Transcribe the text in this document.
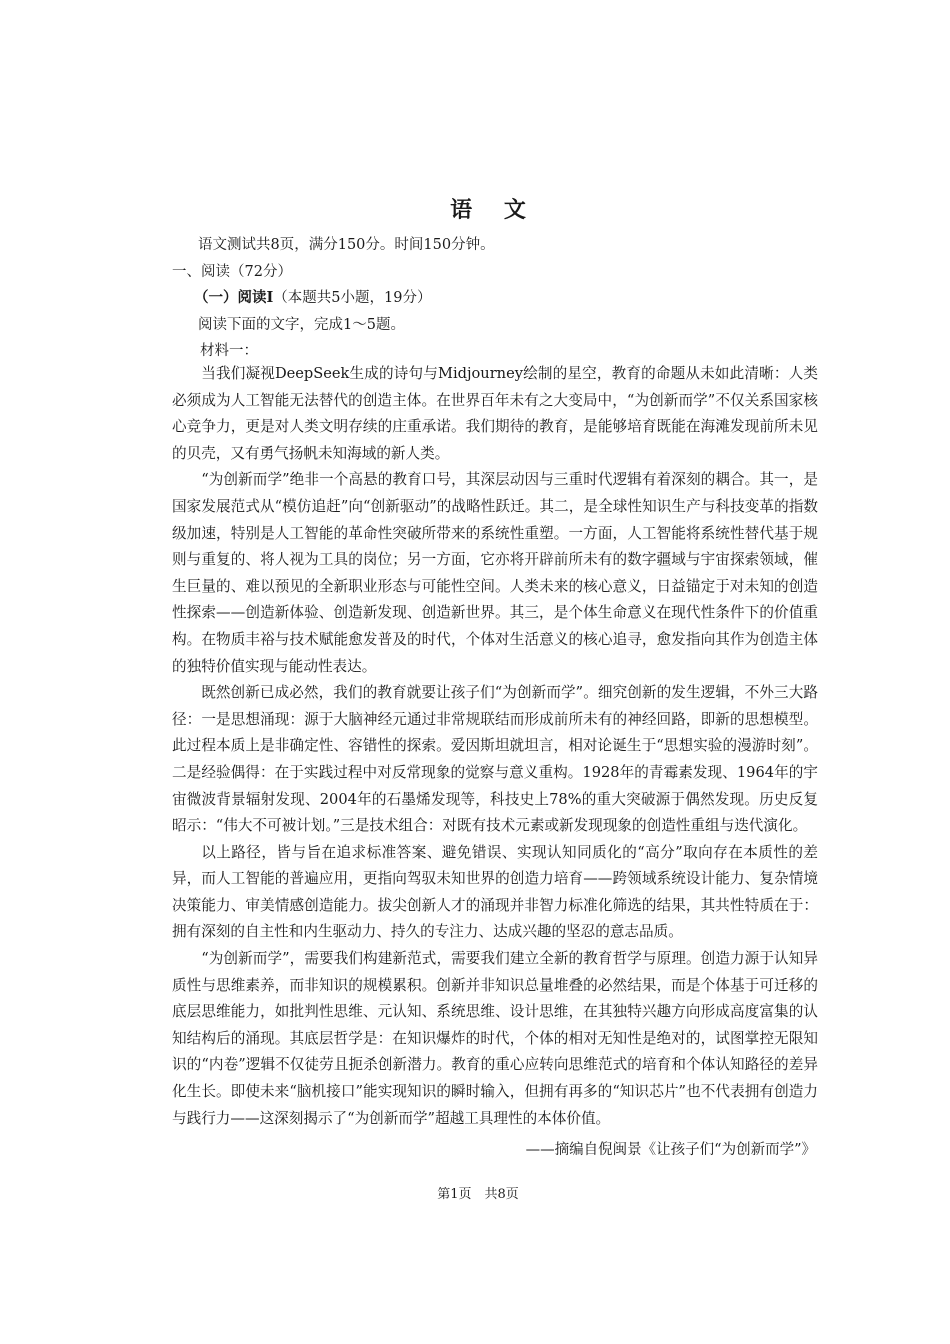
语 文
语文测试共8页，满分150分。时间150分钟。
一、阅读（72分）
（一）阅读Ⅰ（本题共5小题，19分）
阅读下面的文字，完成1～5题。
材料一：
当我们凝视DeepSeek生成的诗句与Midjourney绘制的星空，教育的命题从未如此清晰：人类必须成为人工智能无法替代的创造主体。在世界百年未有之大变局中，“为创新而学”不仅关系国家核心竞争力，更是对人类文明存续的庄重承诺。我们期待的教育，是能够培育既能在海滩发现前所未见的贝壳，又有勇气扬帆未知海域的新人类。
“为创新而学”绝非一个高悬的教育口号，其深层动因与三重时代逻辑有着深刻的耦合。其一，是国家发展范式从“模仿追赶”向“创新驱动”的战略性跃迁。其二，是全球性知识生产与科技变革的指数级加速，特别是人工智能的革命性突破所带来的系统性重塑。一方面，人工智能将系统性替代基于规则与重复的、将人视为工具的岗位；另一方面，它亦将开辟前所未有的数字疆域与宇宙探索领域，催生巨量的、难以预见的全新职业形态与可能性空间。人类未来的核心意义，日益锚定于对未知的创造性探索——创造新体验、创造新发现、创造新世界。其三，是个体生命意义在现代性条件下的价值重构。在物质丰裕与技术赋能愈发普及的时代，个体对生活意义的核心追寻，愈发指向其作为创造主体的独特价值实现与能动性表达。
既然创新已成必然，我们的教育就要让孩子们“为创新而学”。细究创新的发生逻辑，不外三大路径：一是思想涌现：源于大脑神经元通过非常规联结而形成前所未有的神经回路，即新的思想模型。此过程本质上是非确定性、容错性的探索。爱因斯坦就坦言，相对论诞生于“思想实验的漫游时刻”。二是经验偶得：在于实践过程中对反常现象的觉察与意义重构。1928年的青霉素发现、1964年的宇宙微波背景辐射发现、2004年的石墨烯发现等，科技史上78%的重大突破源于偶然发现。历史反复昭示：“伟大不可被计划。”三是技术组合：对既有技术元素或新发现现象的创造性重组与迭代演化。
以上路径，皆与旨在追求标准答案、避免错误、实现认知同质化的“高分”取向存在本质性的差异，而人工智能的普遍应用，更指向驾驭未知世界的创造力培育——跨领域系统设计能力、复杂情境决策能力、审美情感创造能力。拔尖创新人才的涌现并非智力标准化筛选的结果，其共性特质在于：拥有深刻的自主性和内生驱动力、持久的专注力、达成兴趣的坚忍的意志品质。
“为创新而学”，需要我们构建新范式，需要我们建立全新的教育哲学与原理。创造力源于认知异质性与思维素养，而非知识的规模累积。创新并非知识总量堆叠的必然结果，而是个体基于可迁移的底层思维能力，如批判性思维、元认知、系统思维、设计思维，在其独特兴趣方向形成高度富集的认知结构后的涌现。其底层哲学是：在知识爆炸的时代，个体的相对无知性是绝对的，试图掌控无限知识的“内卷”逻辑不仅徒劳且扼杀创新潜力。教育的重心应转向思维范式的培育和个体认知路径的差异化生长。即使未来“脑机接口”能实现知识的瞬时输入，但拥有再多的“知识芯片”也不代表拥有创造力与践行力——这深刻揭示了“为创新而学”超越工具理性的本体价值。
——摘编自倪闽景《让孩子们“为创新而学”》
第1页　共8页
